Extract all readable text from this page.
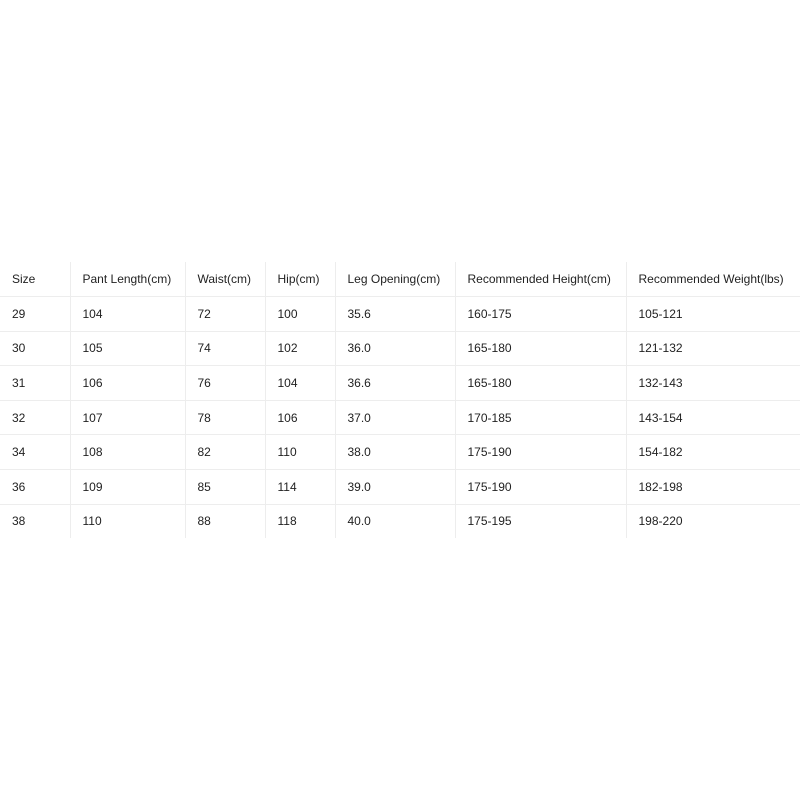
Size	Pant Length(cm)	Waist(cm)	Hip(cm)	Leg Opening(cm)	Recommended Height(cm)	Recommended Weight(lbs)
29	104	72	100	35.6	160-175	105-121
30	105	74	102	36.0	165-180	121-132
31	106	76	104	36.6	165-180	132-143
32	107	78	106	37.0	170-185	143-154
34	108	82	110	38.0	175-190	154-182
36	109	85	114	39.0	175-190	182-198
38	110	88	118	40.0	175-195	198-220
